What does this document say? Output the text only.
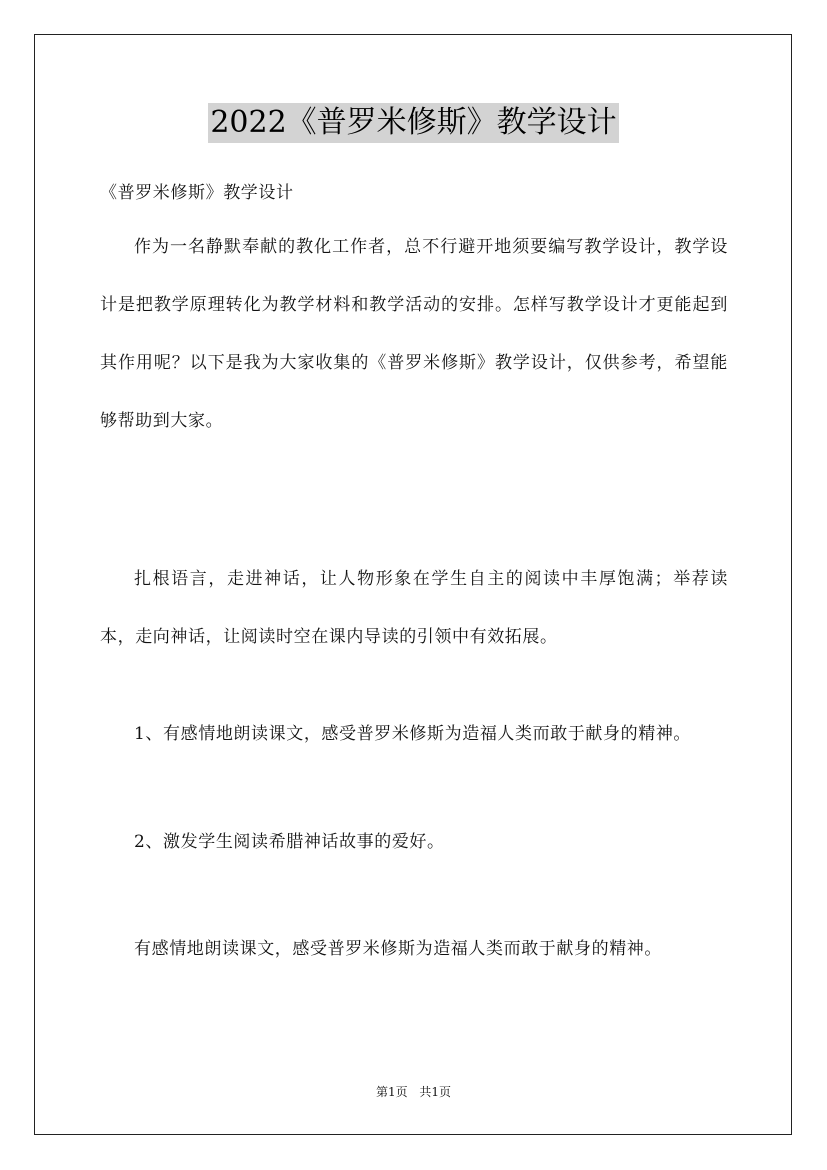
2022《普罗米修斯》教学设计
《普罗米修斯》教学设计
作为一名静默奉献的教化工作者，总不行避开地须要编写教学设计，教学设计是把教学原理转化为教学材料和教学活动的安排。怎样写教学设计才更能起到其作用呢？以下是我为大家收集的《普罗米修斯》教学设计，仅供参考，希望能够帮助到大家。
扎根语言，走进神话，让人物形象在学生自主的阅读中丰厚饱满；举荐读本，走向神话，让阅读时空在课内导读的引领中有效拓展。
1、有感情地朗读课文，感受普罗米修斯为造福人类而敢于献身的精神。
2、激发学生阅读希腊神话故事的爱好。
有感情地朗读课文，感受普罗米修斯为造福人类而敢于献身的精神。
第1页 共1页
